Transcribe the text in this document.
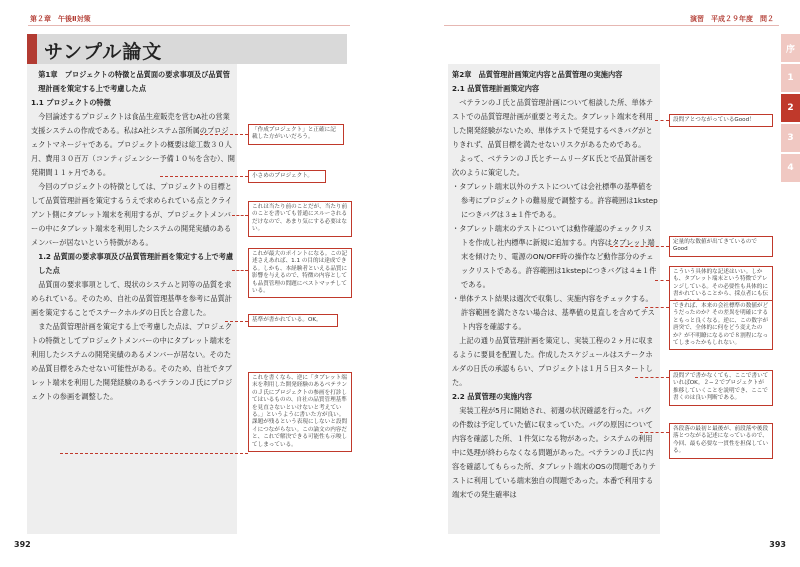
第２章　午後Ⅱ対策	演習　平成２９年度　問２
サンプル論文

第1章　プロジェクトの特徴と品質面の要求事項及び品質管理計画を策定する上で考慮した点

1.1 プロジェクトの特徴

今回論述するプロジェクトは食品生産販売を営むA社の営業支援システムの作成である。私はA社システム部所属のプロジェクトマネージャである。プロジェクトの概要は総工数３０人月、費用３０百万（コンティジェンシー予備１０％を含む）、開発期間１１ヶ月である。

今回のプロジェクトの特徴としては、プロジェクトの目標として品質管理計画を策定するうえで求められている点とクライアント側にタブレット端末を利用するが、プロジェクトメンバーの中にタブレット端末を利用したシステムの開発実績のあるメンバーが居ないという特徴がある。

1.2 品質面の要求事項及び品質管理計画を策定する上で考慮した点

品質面の要求事項として、現状のシステムと同等の品質を求められている。そのため、自社の品質管理基準を参考に品質計画を策定することでステークホルダの日氏と合意した。

また品質管理計画を策定する上で考慮した点は、プロジェクトの特徴としてプロジェクトメンバーの中にタブレット端末を利用したシステムの開発実績のあるメンバーが居ない。そのため品質目標をみたせない可能性がある。そのため、自社でタブレット端末を利用した開発経験のあるベテランのＪ氏にプロジェクトの参画を調整した。

第2章　品質管理計画策定内容と品質管理の実施内容

2.1 品質管理計画策定内容

ベテランのＪ氏と品質管理計画について相談した所、単体テストでの品質管理計画が重要と考えた。タブレット端末を利用した開発経験がないため、単体テストで発見するべきバグがとりきれず、品質目標を満たせないリスクがあるためである。

よって、ベテランのＪ氏とチームリーダＫ氏とで品質計画を次のように策定した。

・タブレット端末以外のテストについては会社標準の基準値を参考にプロジェクトの難易度で調整する。許容範囲は1kstepにつきバグは３±１件である。

・タブレット端末のテストについては動作確認のチェックリストを作成し社内標準に新規に追加する。内容はタブレット端末を傾けたり、電源のON/OFF時の操作など動作部分のチェックリストである。許容範囲は1kstepにつきバグは４±１件である。

・単体テスト結果は週次で収集し、実施内容をチェックする。許容範囲を満たさない場合は、基準値の見直しを含めてテスト内容を確認する。

上記の通り品質管理計画を策定し、実装工程の２ヶ月に収まるように要員を配置した。作成したスケジュールはステークホルダの日氏の承認もらい、プロジェクトは１月５日スタートした。

2.2 品質管理の実施内容

実装工程が5月に開始され、初週の状況確認を行った。バグの件数は予定していた値に収まっていた。バグの原因について内容を確認した所、１件気になる物があった。システムの利用中に処理が終わらなくなる問題があった。ベテランのＪ氏に内容を確認してもらった所、タブレット端末のOSの問題でありテストに利用している端末独自の問題であった。本番で利用する端末での発生確率は

「作成プロジェクト」と正確に記載した方がいいだろう。
小さめのプロジェクト。
これは当たり前のことだが、当たり前のことを書いても普通にスルーされるだけなので、あまり気にする必要はない。
これが最大のポイントになる。この記述さえあれば、1.1 の目的は達成できる。しかも、本経験者といえる品質に影響を与えるので、特徴の内容としても品質管理の問題にベストマッチしている。
基準が書かれている。OK。
これを書くなら、逆に「タブレット端末を利用した開発経験のあるベテランのＪ氏にプロジェクトの参画を打診してはいるものの、自社の品質管理基準を見直さないといけないと考えている。」というように書いた方が良い。課題が残るという表現にしないと設問イにつながらない。この論文の内容だと、これで解決できる可能性も示唆してしまっている。
設問アとつながっているGood！
定量的な数値が出てきているのでGood
こういう具体的な記述はいい。しかも、タブレット端末という特徴でアレンジしている。その必要性も具体的に書かれていることから、採点者にも伝
できれば、本来の会社標準の数値がどうだったのか？その差異を明確にするともっと良くなる。逆に、この数字が唐突で、全体的に何をどう変えたのか？が不明瞭になるので８割程になってしまったかもしれない。
設問アで書かなくても、ここで書いていればOK。２−２でプロジェクトが推移していくことを説明でき、ここで書くのは良い判断である。
各段落の最初と最後が、前段落や後段落とつながる記述になっているので、今回、最も必要な一貫性を担保している。
序
1
2
3
4
392	393
